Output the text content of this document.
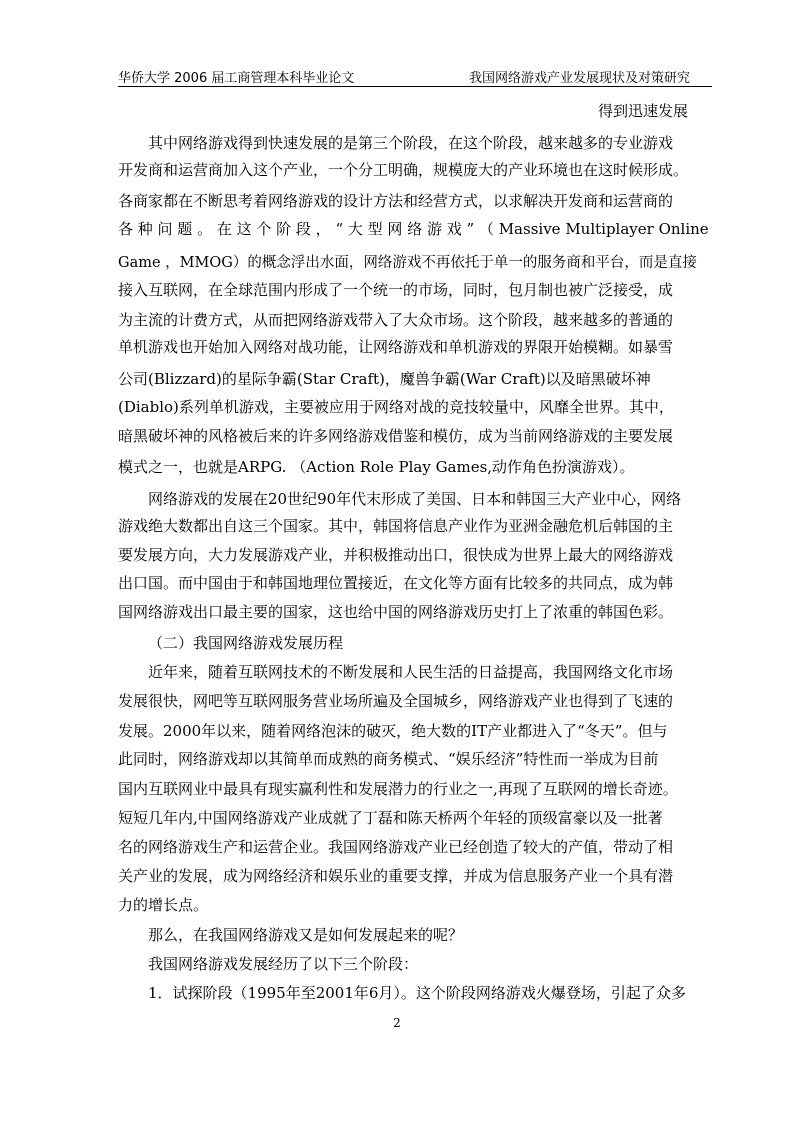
华侨大学 2006 届工商管理本科毕业论文	我国网络游戏产业发展现状及对策研究
得到迅速发展
其中网络游戏得到快速发展的是第三个阶段，在这个阶段，越来越多的专业游戏
开发商和运营商加入这个产业，一个分工明确，规模庞大的产业环境也在这时候形成。
各商家都在不断思考着网络游戏的设计方法和经营方式，以求解决开发商和运营商的
各 种 问 题 。 在 这 个 阶 段 ， “ 大 型 网 络 游 戏 ” （ Massive Multiplayer Online
Game ，MMOG）的概念浮出水面，网络游戏不再依托于单一的服务商和平台，而是直接
接入互联网，在全球范围内形成了一个统一的市场，同时，包月制也被广泛接受，成
为主流的计费方式，从而把网络游戏带入了大众市场。这个阶段，越来越多的普通的
单机游戏也开始加入网络对战功能，让网络游戏和单机游戏的界限开始模糊。如暴雪
公司(Blizzard)的星际争霸(Star Craft)，魔兽争霸(War Craft)以及暗黑破坏神
(Diablo)系列单机游戏，主要被应用于网络对战的竞技较量中，风靡全世界。其中，
暗黑破坏神的风格被后来的许多网络游戏借鉴和模仿，成为当前网络游戏的主要发展
模式之一，也就是ARPG. （Action Role Play Games,动作角色扮演游戏）。
网络游戏的发展在20世纪90年代末形成了美国、日本和韩国三大产业中心，网络
游戏绝大数都出自这三个国家。其中，韩国将信息产业作为亚洲金融危机后韩国的主
要发展方向，大力发展游戏产业，并积极推动出口，很快成为世界上最大的网络游戏
出口国。而中国由于和韩国地理位置接近，在文化等方面有比较多的共同点，成为韩
国网络游戏出口最主要的国家，这也给中国的网络游戏历史打上了浓重的韩国色彩。
（二）我国网络游戏发展历程
近年来，随着互联网技术的不断发展和人民生活的日益提高，我国网络文化市场
发展很快，网吧等互联网服务营业场所遍及全国城乡，网络游戏产业也得到了飞速的
发展。2000年以来，随着网络泡沫的破灭，绝大数的IT产业都进入了“冬天”。但与
此同时，网络游戏却以其简单而成熟的商务模式、“娱乐经济”特性而一举成为目前
国内互联网业中最具有现实赢利性和发展潜力的行业之一,再现了互联网的增长奇迹。
短短几年内,中国网络游戏产业成就了丁磊和陈天桥两个年轻的顶级富豪以及一批著
名的网络游戏生产和运营企业。我国网络游戏产业已经创造了较大的产值，带动了相
关产业的发展，成为网络经济和娱乐业的重要支撑，并成为信息服务产业一个具有潜
力的增长点。
那么，在我国网络游戏又是如何发展起来的呢？
我国网络游戏发展经历了以下三个阶段：
1．试探阶段（1995年至2001年6月）。这个阶段网络游戏火爆登场，引起了众多
2
